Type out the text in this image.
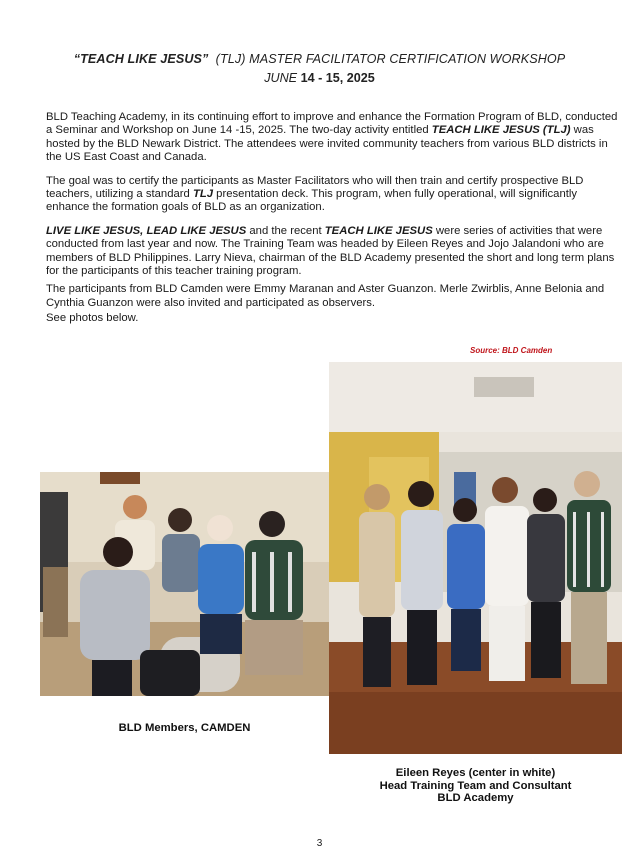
“TEACH LIKE JESUS” (TLJ) MASTER FACILITATOR CERTIFICATION WORKSHOP
JUNE 14 - 15, 2025

BLD Teaching Academy, in its continuing effort to improve and enhance the Formation Program of BLD, conducted a Seminar and Workshop on June 14 -15, 2025. The two-day activity entitled TEACH LIKE JESUS (TLJ) was hosted by the BLD Newark District. The attendees were invited community teachers from various BLD districts in the US East Coast and Canada.

The goal was to certify the participants as Master Facilitators who will then train and certify prospective BLD teachers, utilizing a standard TLJ presentation deck. This program, when fully operational, will significantly enhance the formation goals of BLD as an organization.

LIVE LIKE JESUS, LEAD LIKE JESUS and the recent TEACH LIKE JESUS were series of activities that were conducted from last year and now. The Training Team was headed by Eileen Reyes and Jojo Jalandoni who are members of BLD Philippines. Larry Nieva, chairman of the BLD Academy presented the short and long term plans for the participants of this teacher training program.

The participants from BLD Camden were Emmy Maranan and Aster Guanzon. Merle Zwirblis, Anne Belonia and Cynthia Guanzon were also invited and participated as observers.

See photos below.

Source: BLD Camden
BLD Members, CAMDEN
Eileen Reyes (center in white)
Head Training Team and Consultant
BLD Academy
3
